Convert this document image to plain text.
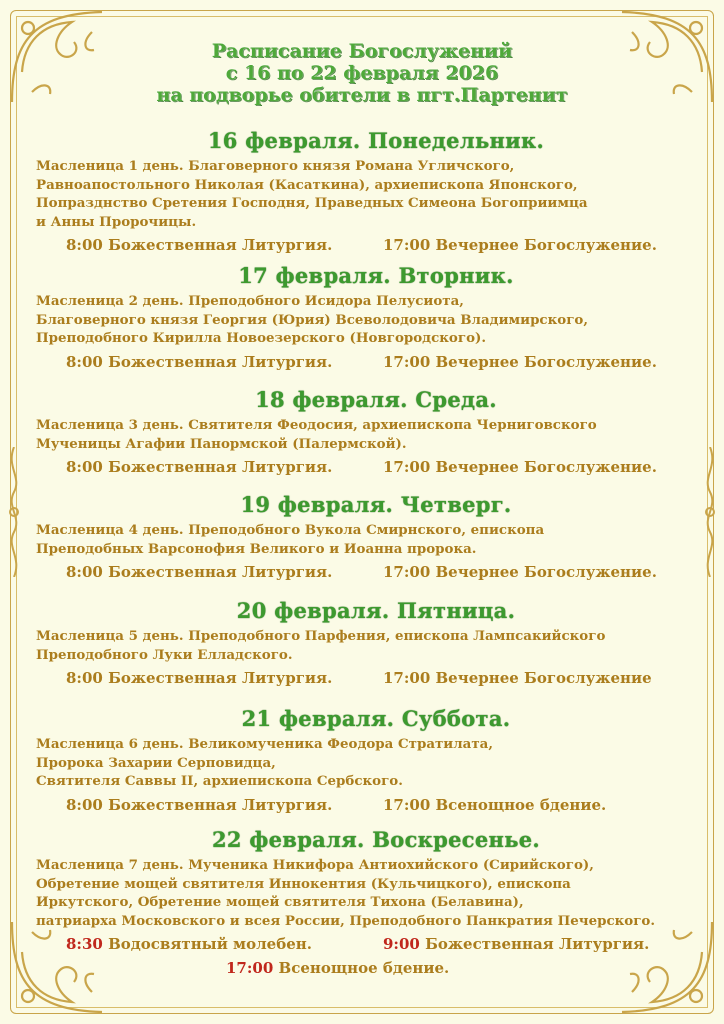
Расписание Богослужений
с 16 по 22 февраля 2026
на подворье обители в пгт.Партенит
16 февраля. Понедельник.
Масленица 1 день. Благоверного князя Романа Угличского,
Равноапостольного Николая (Касаткина), архиепископа Японского,
Попразднство Сретения Господня, Праведных Симеона Богоприимца
и Анны Пророчицы.
8:00 Божественная Литургия.	17:00 Вечернее Богослужение.
17 февраля. Вторник.
Масленица 2 день. Преподобного Исидора Пелусиота,
Благоверного князя Георгия (Юрия) Всеволодовича Владимирского,
Преподобного Кирилла Новоезерского (Новгородского).
8:00 Божественная Литургия.	17:00 Вечернее Богослужение.
18 февраля. Среда.
Масленица 3 день. Святителя Феодосия, архиепископа Черниговского
Мученицы Агафии Панормской (Палермской).
8:00 Божественная Литургия.	17:00 Вечернее Богослужение.
19 февраля. Четверг.
Масленица 4 день. Преподобного Вукола Смирнского, епископа
Преподобных Варсонофия Великого и Иоанна пророка.
8:00 Божественная Литургия.	17:00 Вечернее Богослужение.
20 февраля. Пятница.
Масленица 5 день. Преподобного Парфения, епископа Лампсакийского
Преподобного Луки Елладского.
8:00 Божественная Литургия.	17:00 Вечернее Богослужение
21 февраля. Суббота.
Масленица 6 день. Великомученика Феодора Стратилата,
Пророка Захарии Серповидца,
Святителя Саввы II, архиепископа Сербского.
8:00 Божественная Литургия.	17:00 Всенощное бдение.
22 февраля. Воскресенье.
Масленица 7 день. Мученика Никифора Антиохийского (Сирийского),
Обретение мощей святителя Иннокентия (Кульчицкого), епископа
Иркутского, Обретение мощей святителя Тихона (Белавина),
патриарха Московского и всея России, Преподобного Панкратия Печерского.
8:30 Водосвятный молебен.	9:00 Божественная Литургия.
17:00 Всенощное бдение.
